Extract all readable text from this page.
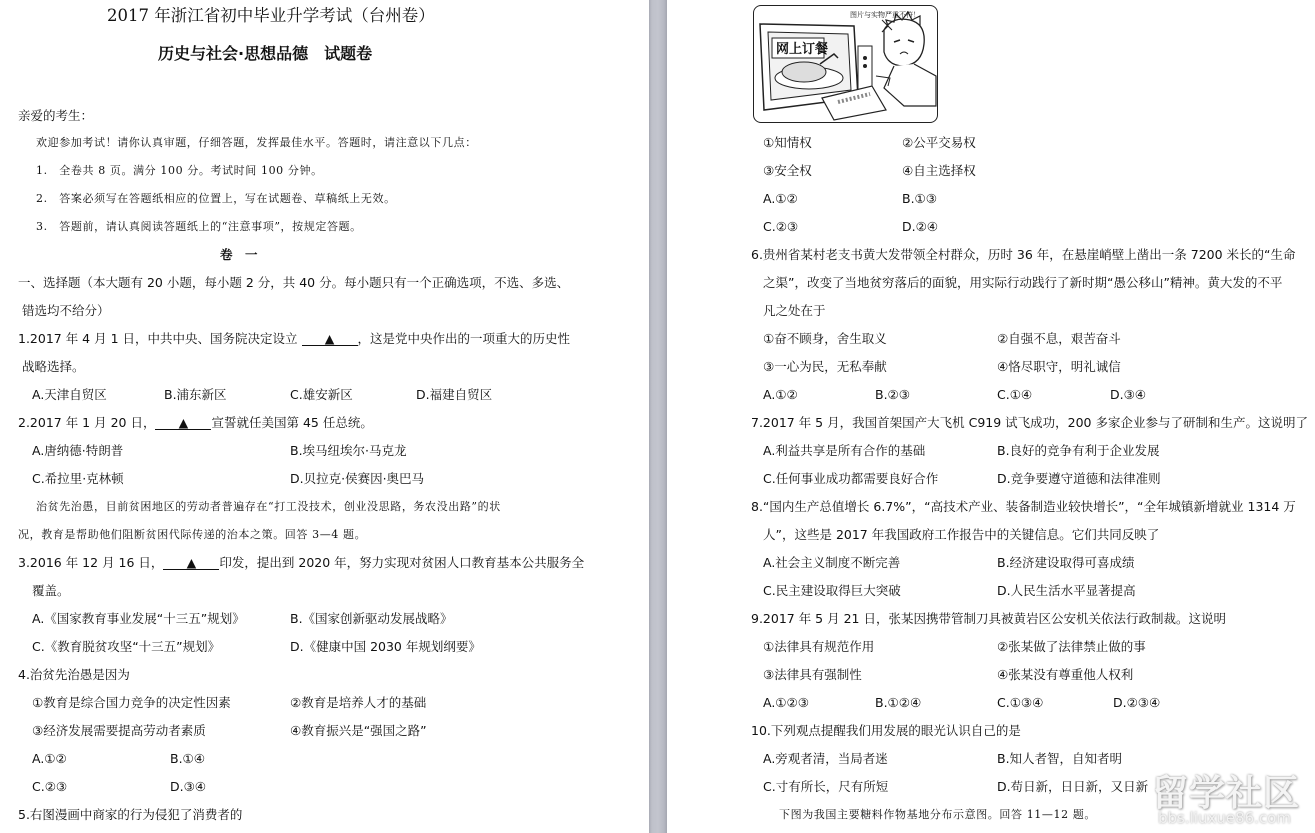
2017 年浙江省初中毕业升学考试（台州卷）
历史与社会·思想品德　试题卷
亲爱的考生：
欢迎参加考试！请你认真审题，仔细答题，发挥最佳水平。答题时，请注意以下几点：
1.　全卷共 8 页。满分 100 分。考试时间 100 分钟。
2.　答案必须写在答题纸相应的位置上，写在试题卷、草稿纸上无效。
3.　答题前，请认真阅读答题纸上的“注意事项”，按规定答题。
卷　一
一、选择题（本大题有 20 小题，每小题 2 分，共 40 分。每小题只有一个正确选项，不选、多选、
错选均不给分）
1.2017 年 4 月 1 日，中共中央、国务院决定设立 ▲ ，这是党中央作出的一项重大的历史性
战略选择。
A.天津自贸区	B.浦东新区	C.雄安新区	D.福建自贸区
2.2017 年 1 月 20 日， ▲ 宣誓就任美国第 45 任总统。
A.唐纳德·特朗普	B.埃马纽埃尔·马克龙
C.希拉里·克林顿	D.贝拉克·侯赛因·奥巴马
治贫先治愚，目前贫困地区的劳动者普遍存在“打工没技术，创业没思路，务农没出路”的状
况，教育是帮助他们阻断贫困代际传递的治本之策。回答 3—4 题。
3.2016 年 12 月 16 日， ▲ 印发，提出到 2020 年，努力实现对贫困人口教育基本公共服务全
覆盖。
A.《国家教育事业发展“十三五”规划》	B.《国家创新驱动发展战略》
C.《教育脱贫攻坚“十三五”规划》	D.《健康中国 2030 年规划纲要》
4.治贫先治愚是因为
①教育是综合国力竞争的决定性因素	②教育是培养人才的基础
③经济发展需要提高劳动者素质	④教育振兴是“强国之路”
A.①②	B.①④
C.②③	D.③④
5.右图漫画中商家的行为侵犯了消费者的
网上订餐
图片与实物严重不符！
①知情权	②公平交易权
③安全权	④自主选择权
A.①②	B.①③
C.②③	D.②④
6.贵州省某村老支书黄大发带领全村群众，历时 36 年，在悬崖峭壁上凿出一条 7200 米长的“生命
之渠”，改变了当地贫穷落后的面貌，用实际行动践行了新时期“愚公移山”精神。黄大发的不平
凡之处在于
①奋不顾身，舍生取义	②自强不息，艰苦奋斗
③一心为民，无私奉献	④恪尽职守，明礼诚信
A.①②	B.②③	C.①④	D.③④
7.2017 年 5 月，我国首架国产大飞机 C919 试飞成功，200 多家企业参与了研制和生产。这说明了
A.利益共享是所有合作的基础	B.良好的竞争有利于企业发展
C.任何事业成功都需要良好合作	D.竞争要遵守道德和法律准则
8.“国内生产总值增长 6.7%”，“高技术产业、装备制造业较快增长”，“全年城镇新增就业 1314 万
人”，这些是 2017 年我国政府工作报告中的关键信息。它们共同反映了
A.社会主义制度不断完善	B.经济建设取得可喜成绩
C.民主建设取得巨大突破	D.人民生活水平显著提高
9.2017 年 5 月 21 日，张某因携带管制刀具被黄岩区公安机关依法行政制裁。这说明
①法律具有规范作用	②张某做了法律禁止做的事
③法律具有强制性	④张某没有尊重他人权利
A.①②③	B.①②④	C.①③④	D.②③④
10.下列观点提醒我们用发展的眼光认识自己的是
A.旁观者清，当局者迷	B.知人者智，自知者明
C.寸有所长，尺有所短	D.苟日新，日日新，又日新
下图为我国主要糖料作物基地分布示意图。回答 11—12 题。
留学社区
bbs.liuxue86.com
